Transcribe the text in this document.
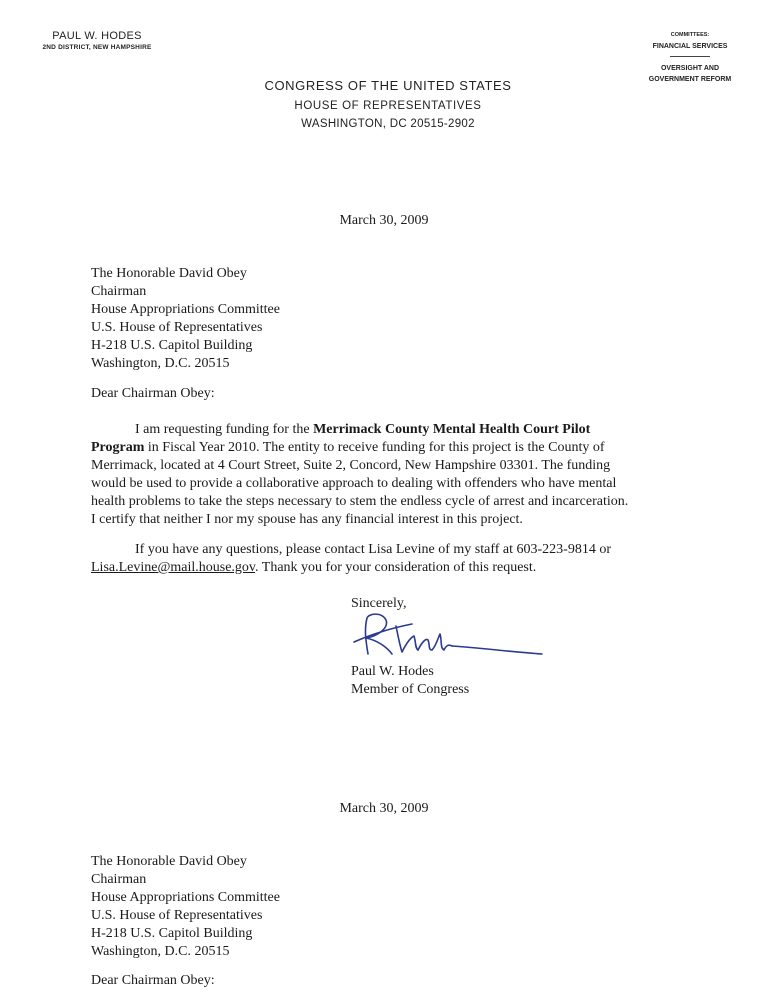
PAUL W. HODES
2ND DISTRICT, NEW HAMPSHIRE
COMMITTEES:
FINANCIAL SERVICES
OVERSIGHT AND
GOVERNMENT REFORM
CONGRESS OF THE UNITED STATES
HOUSE OF REPRESENTATIVES
WASHINGTON, DC 20515-2902
March 30, 2009
The Honorable David Obey
Chairman
House Appropriations Committee
U.S. House of Representatives
H-218 U.S. Capitol Building
Washington, D.C. 20515
Dear Chairman Obey:
I am requesting funding for the Merrimack County Mental Health Court Pilot
Program in Fiscal Year 2010. The entity to receive funding for this project is the County of
Merrimack, located at 4 Court Street, Suite 2, Concord, New Hampshire 03301. The funding
would be used to provide a collaborative approach to dealing with offenders who have mental
health problems to take the steps necessary to stem the endless cycle of arrest and incarceration.
I certify that neither I nor my spouse has any financial interest in this project.
If you have any questions, please contact Lisa Levine of my staff at 603-223-9814 or
Lisa.Levine@mail.house.gov. Thank you for your consideration of this request.
Sincerely,
Paul W. Hodes
Member of Congress
March 30, 2009
The Honorable David Obey
Chairman
House Appropriations Committee
U.S. House of Representatives
H-218 U.S. Capitol Building
Washington, D.C. 20515
Dear Chairman Obey:
